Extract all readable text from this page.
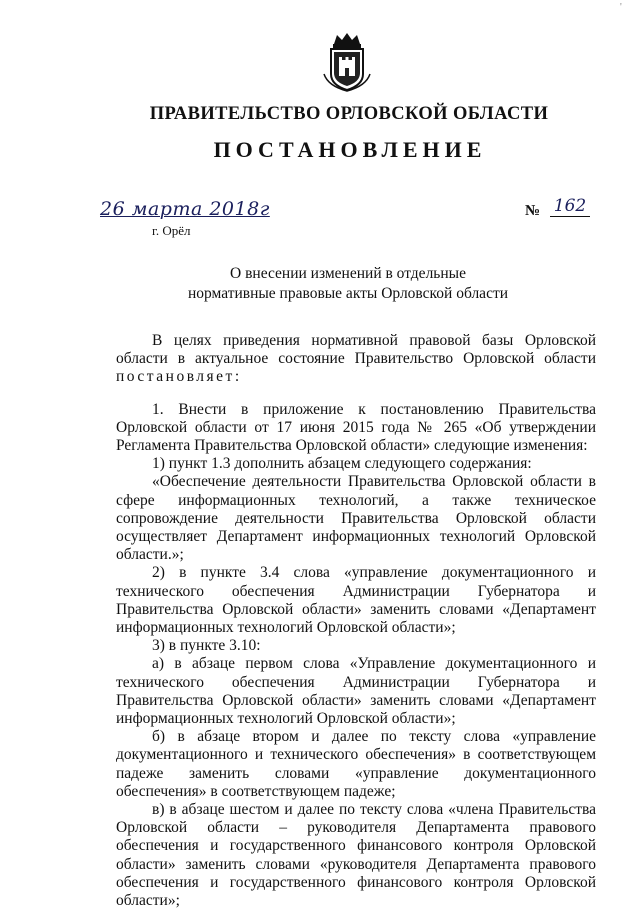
'
ПРАВИТЕЛЬСТВО ОРЛОВСКОЙ ОБЛАСТИ
ПОСТАНОВЛЕНИЕ
26 марта 2018г
г. Орёл
№ 162
О внесении изменений в отдельные
нормативные правовые акты Орловской области

В целях приведения нормативной правовой базы Орловской области в актуальное состояние Правительство Орловской области постановляет:

1. Внести в приложение к постановлению Правительства Орловской области от 17 июня 2015 года № 265 «Об утверждении Регламента Правительства Орловской области» следующие изменения:

1) пункт 1.3 дополнить абзацем следующего содержания:

«Обеспечение деятельности Правительства Орловской области в сфере информационных технологий, а также техническое сопровождение деятельности Правительства Орловской области осуществляет Департамент информационных технологий Орловской области.»;

2) в пункте 3.4 слова «управление документационного и технического обеспечения Администрации Губернатора и Правительства Орловской области» заменить словами «Департамент информационных технологий Орловской области»;

3) в пункте 3.10:

а) в абзаце первом слова «Управление документационного и технического обеспечения Администрации Губернатора и Правительства Орловской области» заменить словами «Департамент информационных технологий Орловской области»;

б) в абзаце втором и далее по тексту слова «управление документационного и технического обеспечения» в соответствующем падеже заменить словами «управление документационного обеспечения» в соответствующем падеже;

в) в абзаце шестом и далее по тексту слова «члена Правительства Орловской области – руководителя Департамента правового обеспечения и государственного финансового контроля Орловской области» заменить словами «руководителя Департамента правового обеспечения и государственного финансового контроля Орловской области»;
